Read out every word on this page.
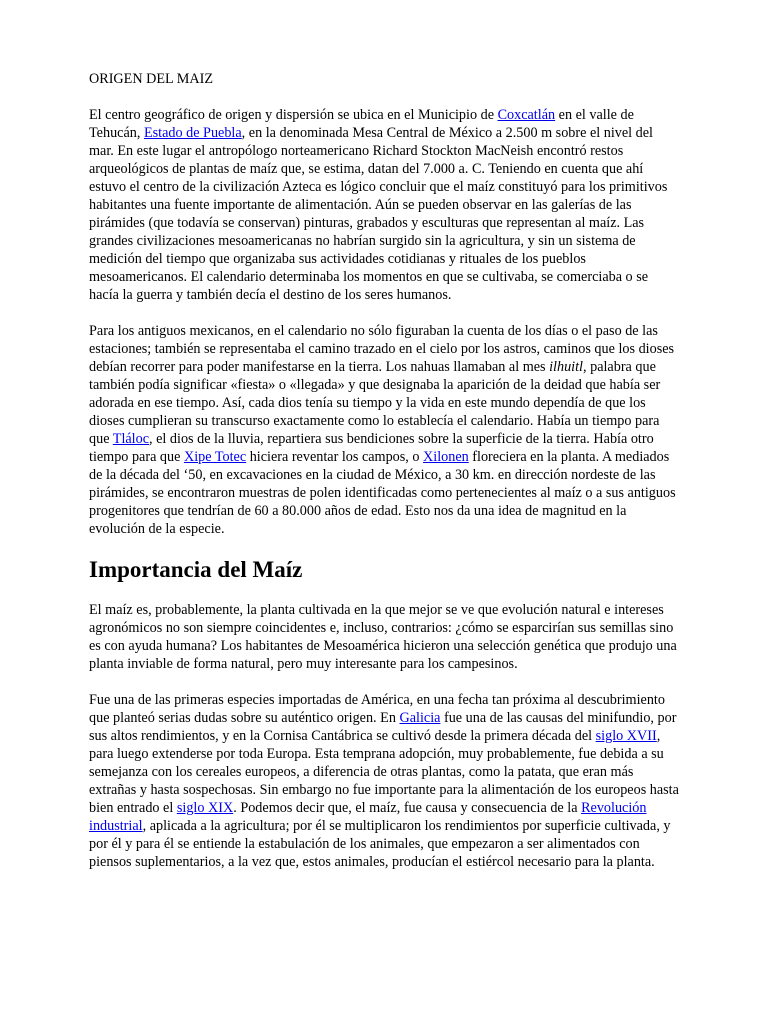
ORIGEN DEL MAIZ

El centro geográfico de origen y dispersión se ubica en el Municipio de Coxcatlán en el valle de Tehucán, Estado de Puebla, en la denominada Mesa Central de México a 2.500 m sobre el nivel del mar. En este lugar el antropólogo norteamericano Richard Stockton MacNeish encontró restos arqueológicos de plantas de maíz que, se estima, datan del 7.000 a. C. Teniendo en cuenta que ahí estuvo el centro de la civilización Azteca es lógico concluir que el maíz constituyó para los primitivos habitantes una fuente importante de alimentación. Aún se pueden observar en las galerías de las pirámides (que todavía se conservan) pinturas, grabados y esculturas que representan al maíz. Las grandes civilizaciones mesoamericanas no habrían surgido sin la agricultura, y sin un sistema de medición del tiempo que organizaba sus actividades cotidianas y rituales de los pueblos mesoamericanos. El calendario determinaba los momentos en que se cultivaba, se comerciaba o se hacía la guerra y también decía el destino de los seres humanos.

Para los antiguos mexicanos, en el calendario no sólo figuraban la cuenta de los días o el paso de las estaciones; también se representaba el camino trazado en el cielo por los astros, caminos que los dioses debían recorrer para poder manifestarse en la tierra. Los nahuas llamaban al mes ilhuitl, palabra que también podía significar «fiesta» o «llegada» y que designaba la aparición de la deidad que había ser adorada en ese tiempo. Así, cada dios tenía su tiempo y la vida en este mundo dependía de que los dioses cumplieran su transcurso exactamente como lo establecía el calendario. Había un tiempo para que Tláloc, el dios de la lluvia, repartiera sus bendiciones sobre la superficie de la tierra. Había otro tiempo para que Xipe Totec hiciera reventar los campos, o Xilonen floreciera en la planta. A mediados de la década del ‘50, en excavaciones en la ciudad de México, a 30 km. en dirección nordeste de las pirámides, se encontraron muestras de polen identificadas como pertenecientes al maíz o a sus antiguos progenitores que tendrían de 60 a 80.000 años de edad. Esto nos da una idea de magnitud en la evolución de la especie.

Importancia del Maíz

El maíz es, probablemente, la planta cultivada en la que mejor se ve que evolución natural e intereses agronómicos no son siempre coincidentes e, incluso, contrarios: ¿cómo se esparcirían sus semillas sino es con ayuda humana? Los habitantes de Mesoamérica hicieron una selección genética que produjo una planta inviable de forma natural, pero muy interesante para los campesinos.

Fue una de las primeras especies importadas de América, en una fecha tan próxima al descubrimiento que planteó serias dudas sobre su auténtico origen. En Galicia fue una de las causas del minifundio, por sus altos rendimientos, y en la Cornisa Cantábrica se cultivó desde la primera década del siglo XVII, para luego extenderse por toda Europa. Esta temprana adopción, muy probablemente, fue debida a su semejanza con los cereales europeos, a diferencia de otras plantas, como la patata, que eran más extrañas y hasta sospechosas. Sin embargo no fue importante para la alimentación de los europeos hasta bien entrado el siglo XIX. Podemos decir que, el maíz, fue causa y consecuencia de la Revolución industrial, aplicada a la agricultura; por él se multiplicaron los rendimientos por superficie cultivada, y por él y para él se entiende la estabulación de los animales, que empezaron a ser alimentados con piensos suplementarios, a la vez que, estos animales, producían el estiércol necesario para la planta.
